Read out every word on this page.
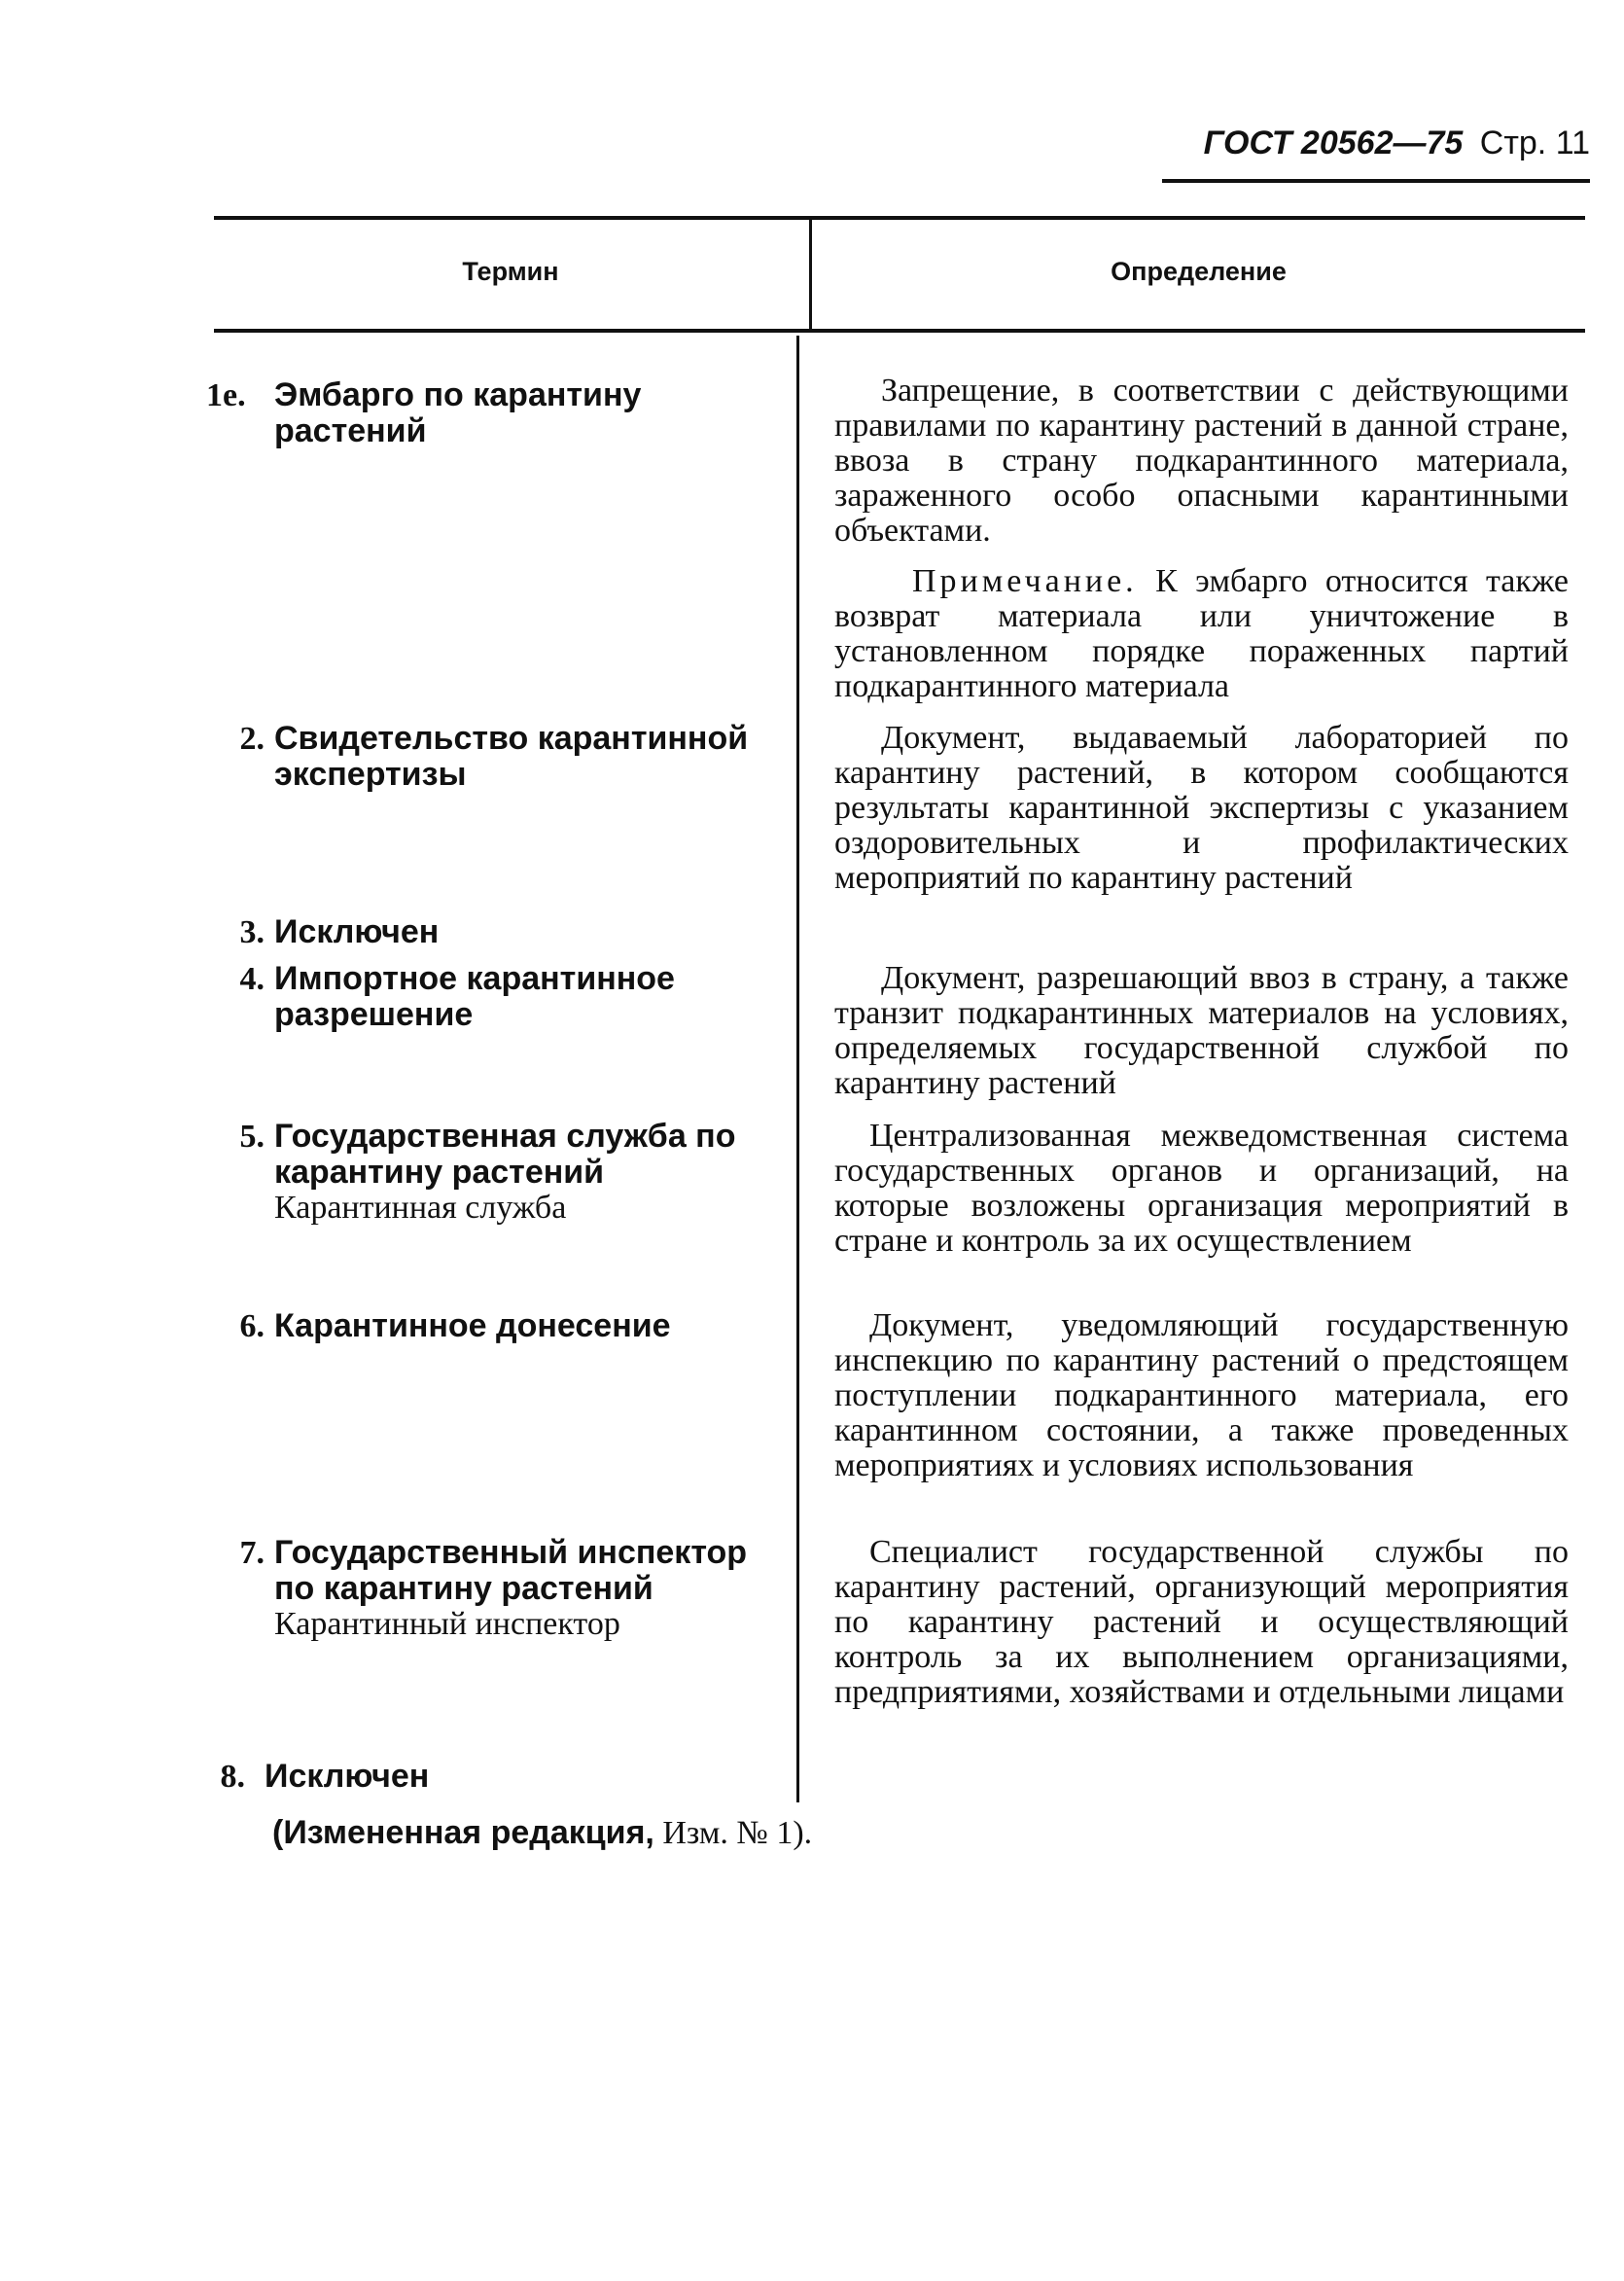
ГОСТ 20562—75 Стр. 11
Термин	Определение
1е. Эмбарго по карантину растений
Запрещение, в соответствии с действующими правилами по карантину растений в данной стране, ввоза в страну подкарантинного материала, зараженного особо опасными карантинными объектами.
Примечание. К эмбарго относится также возврат материала или уничтожение в установленном порядке пораженных партий подкарантинного материала
2. Свидетельство карантинной экспертизы
Документ, выдаваемый лабораторией по карантину растений, в котором сообщаются результаты карантинной экспертизы с указанием оздоровительных и профилактических мероприятий по карантину растений
3. Исключен
4. Импортное карантинное разрешение
Документ, разрешающий ввоз в страну, а также транзит подкарантинных материалов на условиях, определяемых государственной службой по карантину растений
5. Государственная служба по карантину растений
Карантинная служба
Централизованная межведомственная система государственных органов и организаций, на которые возложены организация мероприятий в стране и контроль за их осуществлением
6. Карантинное донесение	Документ, уведомляющий государственную инспекцию по карантину растений о предстоящем поступлении подкарантинного материала, его карантинном состоянии, а также проведенных мероприятиях и условиях использования
7. Государственный инспектор по карантину растений
Карантинный инспектор
Специалист государственной службы по карантину растений, организующий мероприятия по карантину растений и осуществляющий контроль за их выполнением организациями, предприятиями, хозяйствами и отдельными лицами
8. Исключен
(Измененная редакция, Изм. № 1).
